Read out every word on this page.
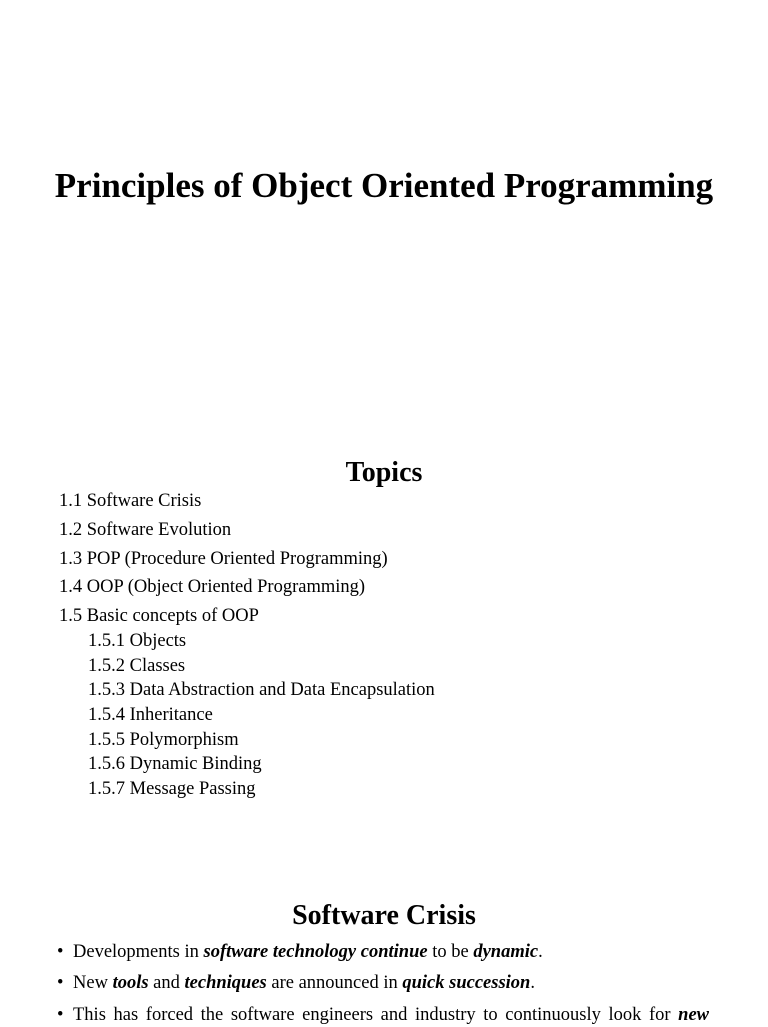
Principles of Object Oriented Programming
Topics
1.1 Software Crisis
1.2 Software Evolution
1.3 POP (Procedure Oriented Programming)
1.4 OOP (Object Oriented Programming)
1.5 Basic concepts of OOP
1.5.1 Objects
1.5.2 Classes
1.5.3 Data Abstraction and Data Encapsulation
1.5.4 Inheritance
1.5.5 Polymorphism
1.5.6 Dynamic Binding
1.5.7 Message Passing
Software Crisis
• Developments in software technology continue to be dynamic.
• New tools and techniques are announced in quick succession.
• This has forced the software engineers and industry to continuously look for new
